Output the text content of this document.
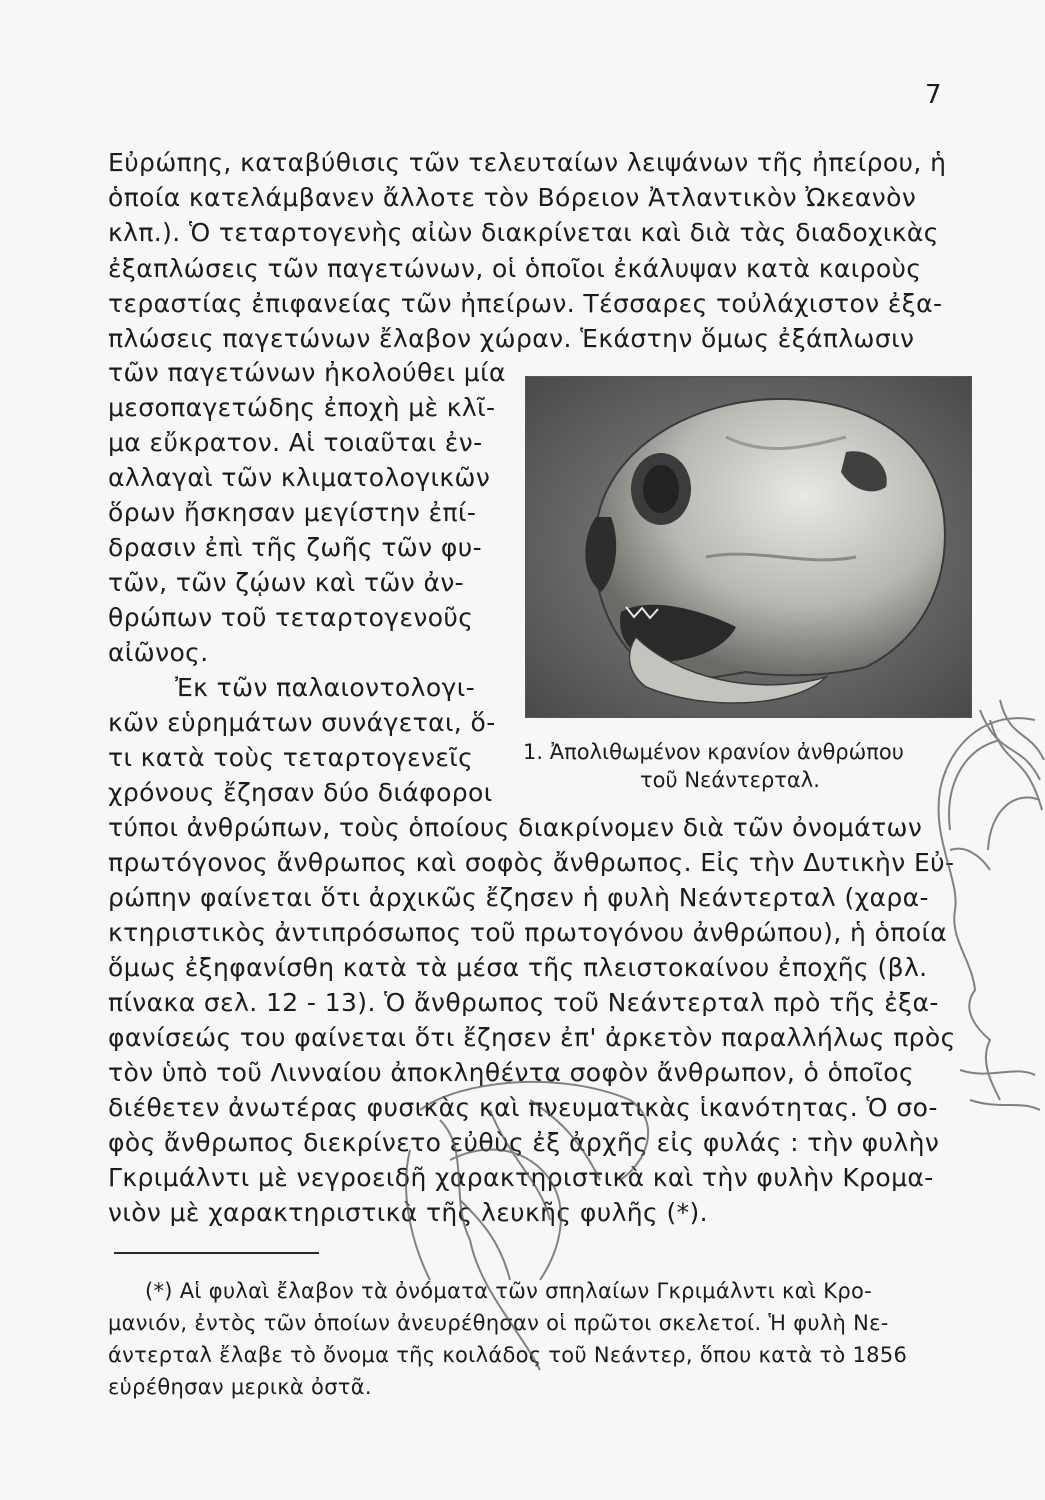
7
Εὐρώπης, καταβύθισις τῶν τελευταίων λειψάνων τῆς ἠπείρου, ἡ
ὁποία κατελάμβανεν ἄλλοτε τὸν Βόρειον Ἀτλαντικὸν Ὠκεανὸν
κλπ.). Ὁ τεταρτογενὴς αἰὼν διακρίνεται καὶ διὰ τὰς διαδοχικὰς
ἐξαπλώσεις τῶν παγετώνων, οἱ ὁποῖοι ἐκάλυψαν κατὰ καιροὺς
τεραστίας ἐπιφανείας τῶν ἠπείρων. Τέσσαρες τοὐλάχιστον ἐξα-
πλώσεις παγετώνων ἔλαβον χώραν. Ἑκάστην ὅμως ἐξάπλωσιν
τῶν παγετώνων ἠκολούθει μία
μεσοπαγετώδης ἐποχὴ μὲ κλῖ-
μα εὔκρατον. Αἱ τοιαῦται ἐν-
αλλαγαὶ τῶν κλιματολογικῶν
ὅρων ἤσκησαν μεγίστην ἐπί-
δρασιν ἐπὶ τῆς ζωῆς τῶν φυ-
τῶν, τῶν ζῴων καὶ τῶν ἀν-
θρώπων τοῦ τεταρτογενοῦς
αἰῶνος.
Ἐκ τῶν παλαιοντολογι-
κῶν εὑρημάτων συνάγεται, ὅ-
τι κατὰ τοὺς τεταρτογενεῖς
χρόνους ἔζησαν δύο διάφοροι
1. Ἀπολιθωμένον κρανίον ἀνθρώπου
τοῦ Νεάντερταλ.
τύποι ἀνθρώπων, τοὺς ὁποίους διακρίνομεν διὰ τῶν ὀνομάτων
πρωτόγονος ἄνθρωπος καὶ σοφὸς ἄνθρωπος. Εἰς τὴν Δυτικὴν Εὐ-
ρώπην φαίνεται ὅτι ἀρχικῶς ἔζησεν ἡ φυλὴ Νεάντερταλ (χαρα-
κτηριστικὸς ἀντιπρόσωπος τοῦ πρωτογόνου ἀνθρώπου), ἡ ὁποία
ὅμως ἐξηφανίσθη κατὰ τὰ μέσα τῆς πλειστοκαίνου ἐποχῆς (βλ.
πίνακα σελ. 12 - 13). Ὁ ἄνθρωπος τοῦ Νεάντερταλ πρὸ τῆς ἐξα-
φανίσεώς του φαίνεται ὅτι ἔζησεν ἐπ' ἀρκετὸν παραλλήλως πρὸς
τὸν ὑπὸ τοῦ Λινναίου ἀποκληθέντα σοφὸν ἄνθρωπον, ὁ ὁποῖος
διέθετεν ἀνωτέρας φυσικὰς καὶ πνευματικὰς ἱκανότητας. Ὁ σο-
φὸς ἄνθρωπος διεκρίνετο εὐθὺς ἐξ ἀρχῆς εἰς φυλάς : τὴν φυλὴν
Γκριμάλντι μὲ νεγροειδῆ χαρακτηριστικὰ καὶ τὴν φυλὴν Κρομα-
νιὸν μὲ χαρακτηριστικὰ τῆς λευκῆς φυλῆς (*).
(*) Αἱ φυλαὶ ἔλαβον τὰ ὀνόματα τῶν σπηλαίων Γκριμάλντι καὶ Κρο-
μανιόν, ἐντὸς τῶν ὁποίων ἀνευρέθησαν οἱ πρῶτοι σκελετοί. Ἡ φυλὴ Νε-
άντερταλ ἔλαβε τὸ ὄνομα τῆς κοιλάδος τοῦ Νεάντερ, ὅπου κατὰ τὸ 1856
εὑρέθησαν μερικὰ ὀστᾶ.
